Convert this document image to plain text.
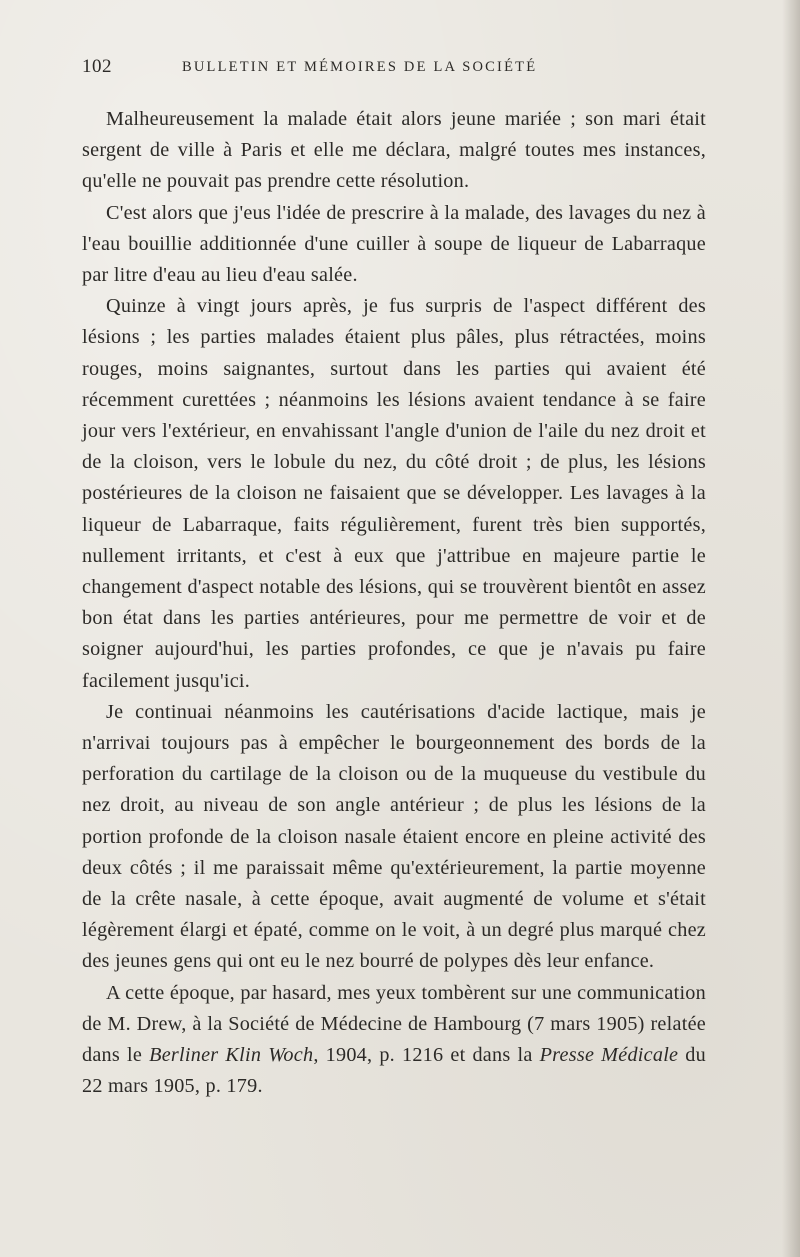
102	BULLETIN ET MÉMOIRES DE LA SOCIÉTÉ

Malheureusement la malade était alors jeune mariée ; son mari était sergent de ville à Paris et elle me déclara, malgré toutes mes instances, qu'elle ne pouvait pas prendre cette résolution.

C'est alors que j'eus l'idée de prescrire à la malade, des lavages du nez à l'eau bouillie additionnée d'une cuiller à soupe de liqueur de Labarraque par litre d'eau au lieu d'eau salée.

Quinze à vingt jours après, je fus surpris de l'aspect différent des lésions ; les parties malades étaient plus pâles, plus rétractées, moins rouges, moins saignantes, surtout dans les parties qui avaient été récemment curettées ; néanmoins les lésions avaient tendance à se faire jour vers l'extérieur, en envahissant l'angle d'union de l'aile du nez droit et de la cloison, vers le lobule du nez, du côté droit ; de plus, les lésions postérieures de la cloison ne faisaient que se développer. Les lavages à la liqueur de Labarraque, faits régulièrement, furent très bien supportés, nullement irritants, et c'est à eux que j'attribue en majeure partie le changement d'aspect notable des lésions, qui se trouvèrent bientôt en assez bon état dans les parties antérieures, pour me permettre de voir et de soigner aujourd'hui, les parties profondes, ce que je n'avais pu faire facilement jusqu'ici.

Je continuai néanmoins les cautérisations d'acide lactique, mais je n'arrivai toujours pas à empêcher le bourgeonnement des bords de la perforation du cartilage de la cloison ou de la muqueuse du vestibule du nez droit, au niveau de son angle antérieur ; de plus les lésions de la portion profonde de la cloison nasale étaient encore en pleine activité des deux côtés ; il me paraissait même qu'extérieurement, la partie moyenne de la crête nasale, à cette époque, avait augmenté de volume et s'était légèrement élargi et épaté, comme on le voit, à un degré plus marqué chez des jeunes gens qui ont eu le nez bourré de polypes dès leur enfance.

A cette époque, par hasard, mes yeux tombèrent sur une communication de M. Drew, à la Société de Médecine de Hambourg (7 mars 1905) relatée dans le Berliner Klin Woch, 1904, p. 1216 et dans la Presse Médicale du 22 mars 1905, p. 179.
